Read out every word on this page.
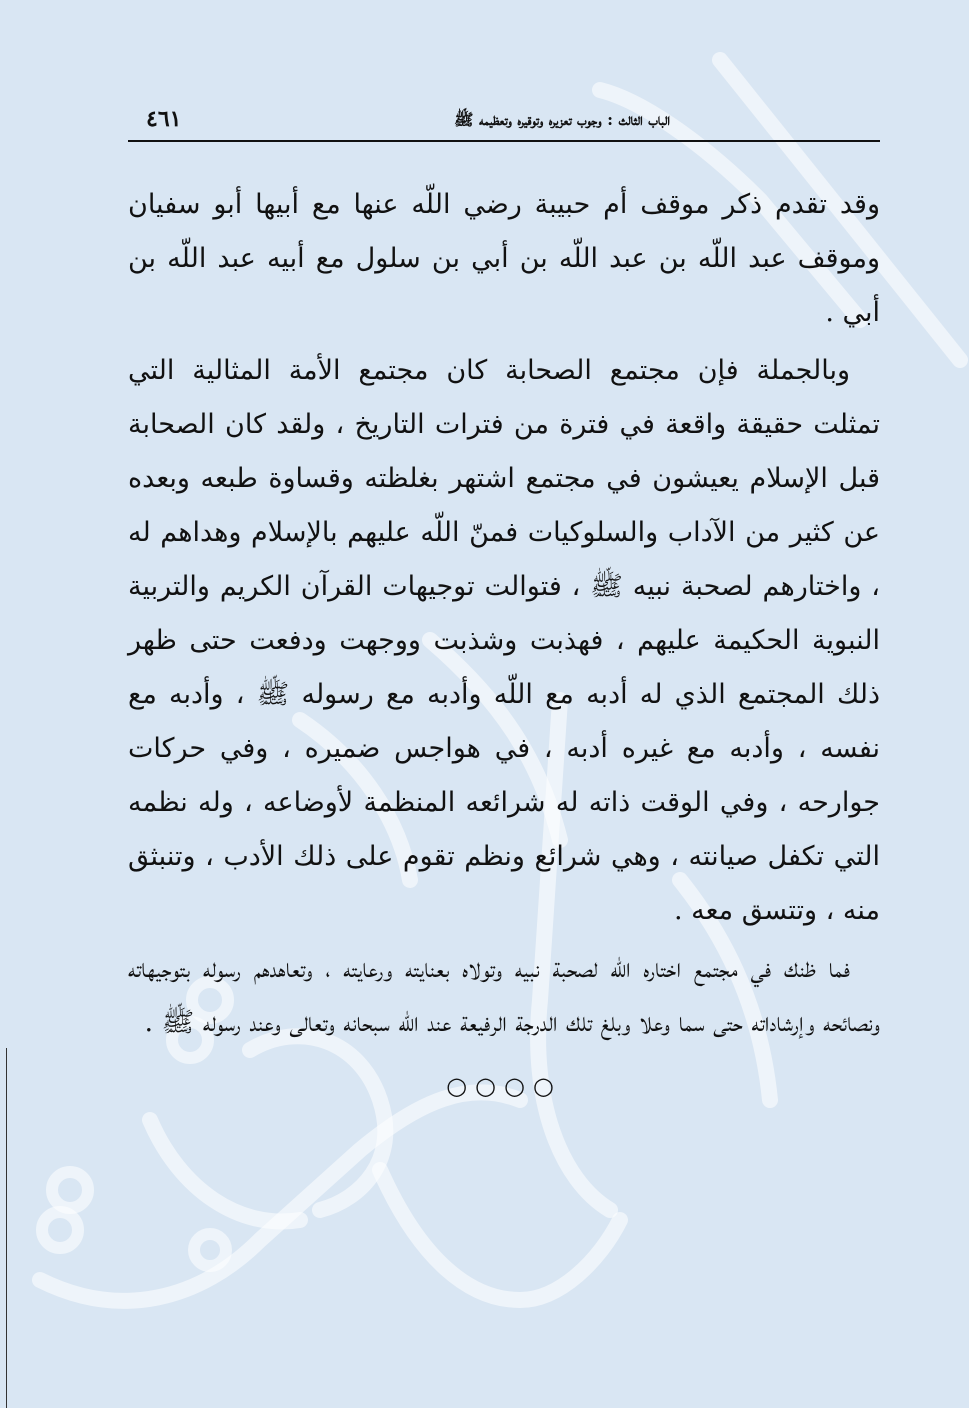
الباب الثالث : وجوب تعزيره وتوقيره وتعظيمه ﷺ
٤٦١

وقد تقدم ذكر موقف أم حبيبة رضي اللّه عنها مع أبيها أبو سفيان وموقف عبد اللّه بن عبد اللّه بن أبي بن سلول مع أبيه عبد اللّه بن أبي .

وبالجملة فإن مجتمع الصحابة كان مجتمع الأمة المثالية التي تمثلت حقيقة واقعة في فترة من فترات التاريخ ، ولقد كان الصحابة قبل الإسلام يعيشون في مجتمع اشتهر بغلظته وقساوة طبعه وبعده عن كثير من الآداب والسلوكيات فمنّ اللّه عليهم بالإسلام وهداهم له ، واختارهم لصحبة نبيه ﷺ ، فتوالت توجيهات القرآن الكريم والتربية النبوية الحكيمة عليهم ، فهذبت وشذبت ووجهت ودفعت حتى ظهر ذلك المجتمع الذي له أدبه مع اللّه وأدبه مع رسوله ﷺ ، وأدبه مع نفسه ، وأدبه مع غيره أدبه ، في هواجس ضميره ، وفي حركات جوارحه ، وفي الوقت ذاته له شرائعه المنظمة لأوضاعه ، وله نظمه التي تكفل صيانته ، وهي شرائع ونظم تقوم على ذلك الأدب ، وتنبثق منه ، وتتسق معه .

فما ظنك في مجتمع اختاره اللّه لصحبة نبيه وتولاه بعنايته ورعايته ، وتعاهدهم رسوله بتوجيهاته ونصائحه وإرشاداته حتى سما وعلا وبلغ تلك الدرجة الرفيعة عند اللّه سبحانه وتعالى وعند رسوله ﷺ .

○○○○
